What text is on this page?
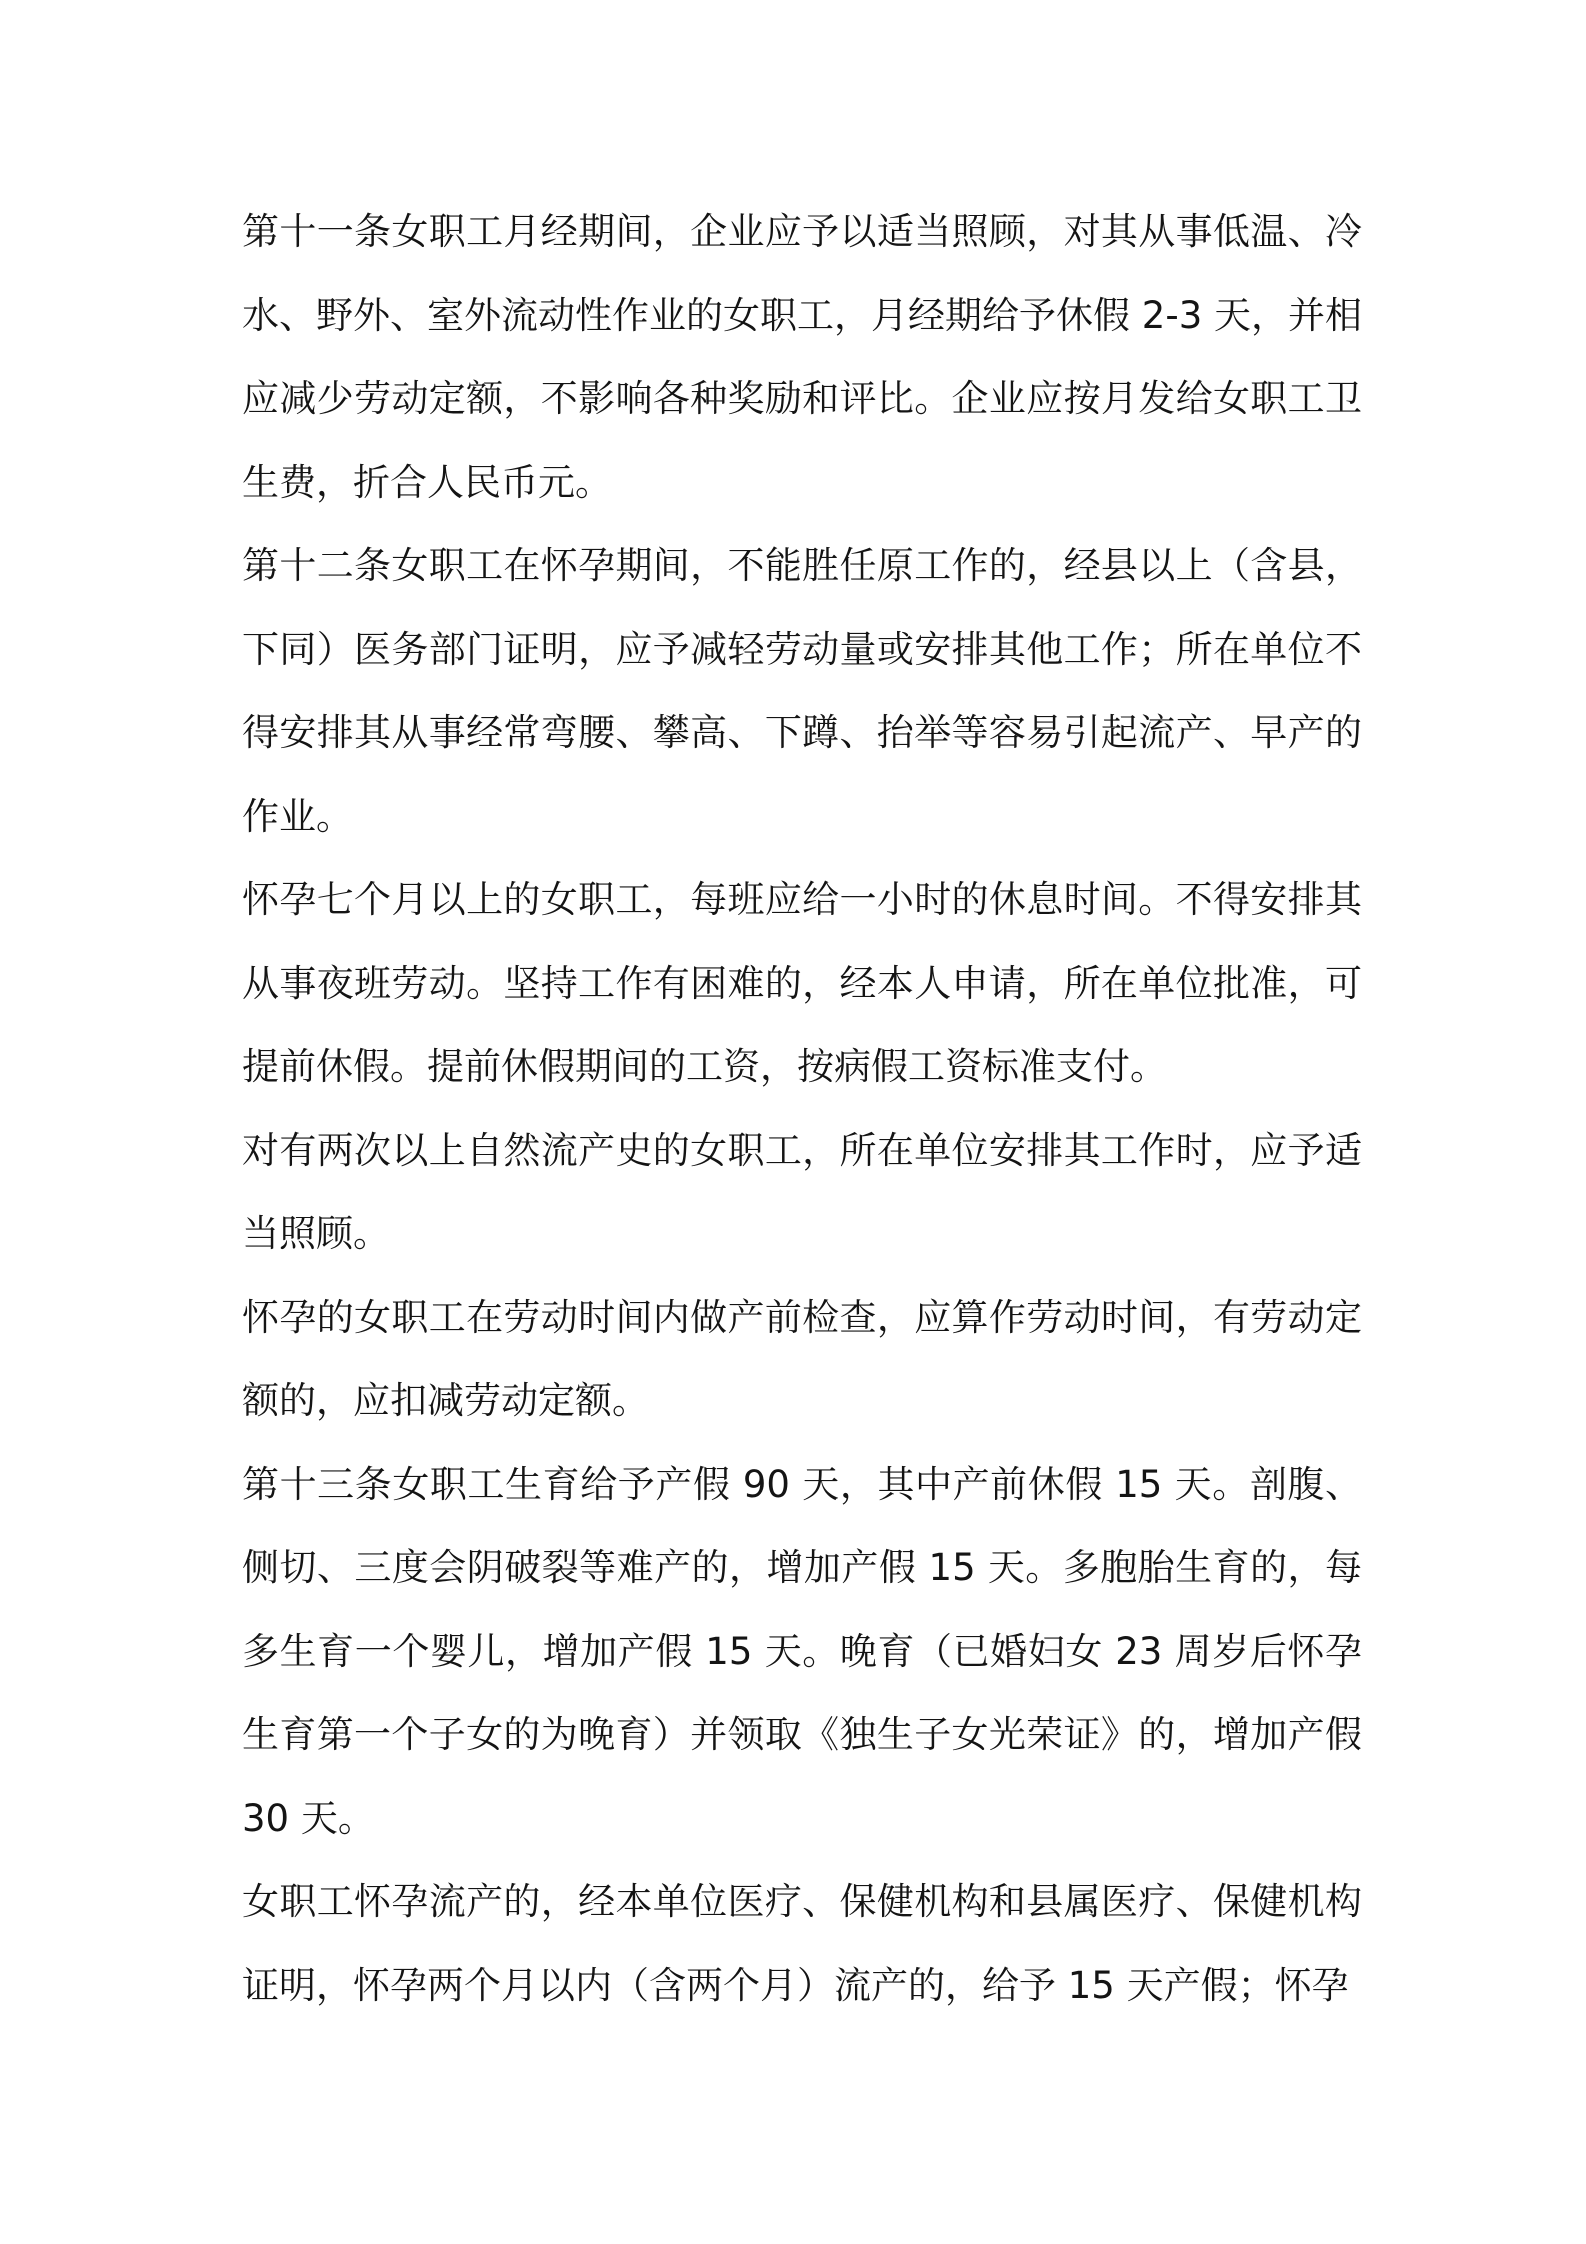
第十一条女职工月经期间，企业应予以适当照顾，对其从事低温、冷水、野外、室外流动性作业的女职工，月经期给予休假 2-3 天，并相应减少劳动定额，不影响各种奖励和评比。企业应按月发给女职工卫生费，折合人民币元。

第十二条女职工在怀孕期间，不能胜任原工作的，经县以上（含县，下同）医务部门证明，应予减轻劳动量或安排其他工作；所在单位不得安排其从事经常弯腰、攀高、下蹲、抬举等容易引起流产、早产的作业。

怀孕七个月以上的女职工，每班应给一小时的休息时间。不得安排其从事夜班劳动。坚持工作有困难的，经本人申请，所在单位批准，可提前休假。提前休假期间的工资，按病假工资标准支付。

对有两次以上自然流产史的女职工，所在单位安排其工作时，应予适当照顾。

怀孕的女职工在劳动时间内做产前检查，应算作劳动时间，有劳动定额的，应扣减劳动定额。

第十三条女职工生育给予产假 90 天，其中产前休假 15 天。剖腹、侧切、三度会阴破裂等难产的，增加产假 15 天。多胞胎生育的，每多生育一个婴儿，增加产假 15 天。晚育（已婚妇女 23 周岁后怀孕生育第一个子女的为晚育）并领取《独生子女光荣证》的，增加产假 30 天。

女职工怀孕流产的，经本单位医疗、保健机构和县属医疗、保健机构证明，怀孕两个月以内（含两个月）流产的，给予 15 天产假；怀孕
